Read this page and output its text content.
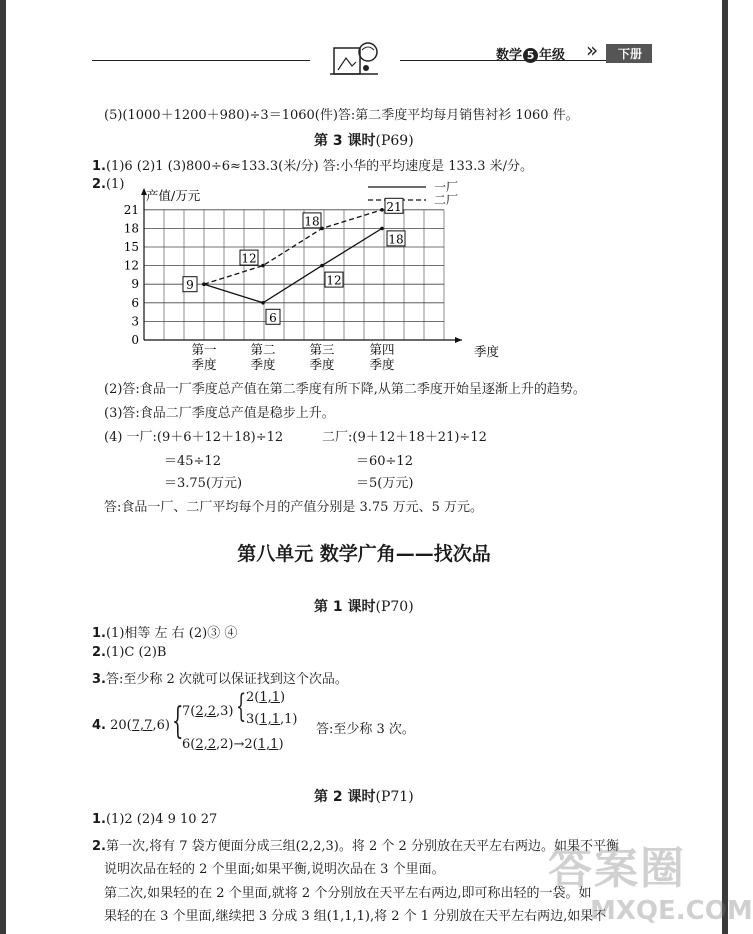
数学 5 年级 »	下册
(5)(1000＋1200＋980)÷3＝1060(件)答:第二季度平均每月销售衬衫 1060 件。
第 3 课时(P69)
1.(1)6 (2)1 (3)800÷6≈133.3(米/分) 答:小华的平均速度是 133.3 米/分。
2.(1)
0
3
6
9
12
15
18
21
产值/万元
季度
第一
季度
第二
季度
第三
季度
第四
季度
一厂
二厂
9
6
12
18
12
18
21
(2)答:食品一厂季度总产值在第二季度有所下降,从第二季度开始呈逐渐上升的趋势。
(3)答:食品二厂季度总产值是稳步上升。
(4) 一厂:(9＋6＋12＋18)÷12
＝45÷12
＝3.75(万元)
二厂:(9＋12＋18＋21)÷12
＝60÷12
＝5(万元)
答:食品一厂、二厂平均每个月的产值分别是 3.75 万元、5 万元。
第八单元 数学广角——找次品
第 1 课时(P70)
1.(1)相等 左 右 (2)③ ④
2.(1)C (2)B
3.答:至少称 2 次就可以保证找到这个次品。
4. 20(7,7,6) {
7(2,2,3) { 2(1,1)
3(1,1,1)
答:至少称 3 次。
6(2,2,2)→2(1,1)
第 2 课时(P71)
1.(1)2 (2)4 9 10 27
2.第一次,将有 7 袋方便面分成三组(2,2,3)。将 2 个 2 分别放在天平左右两边。如果不平衡
说明次品在轻的 2 个里面;如果平衡,说明次品在 3 个里面。
第二次,如果轻的在 2 个里面,就将 2 个分别放在天平左右两边,即可称出轻的一袋。如
果轻的在 3 个里面,继续把 3 分成 3 组(1,1,1),将 2 个 1 分别放在天平左右两边,如果不
答案圈
MXQE.COM
